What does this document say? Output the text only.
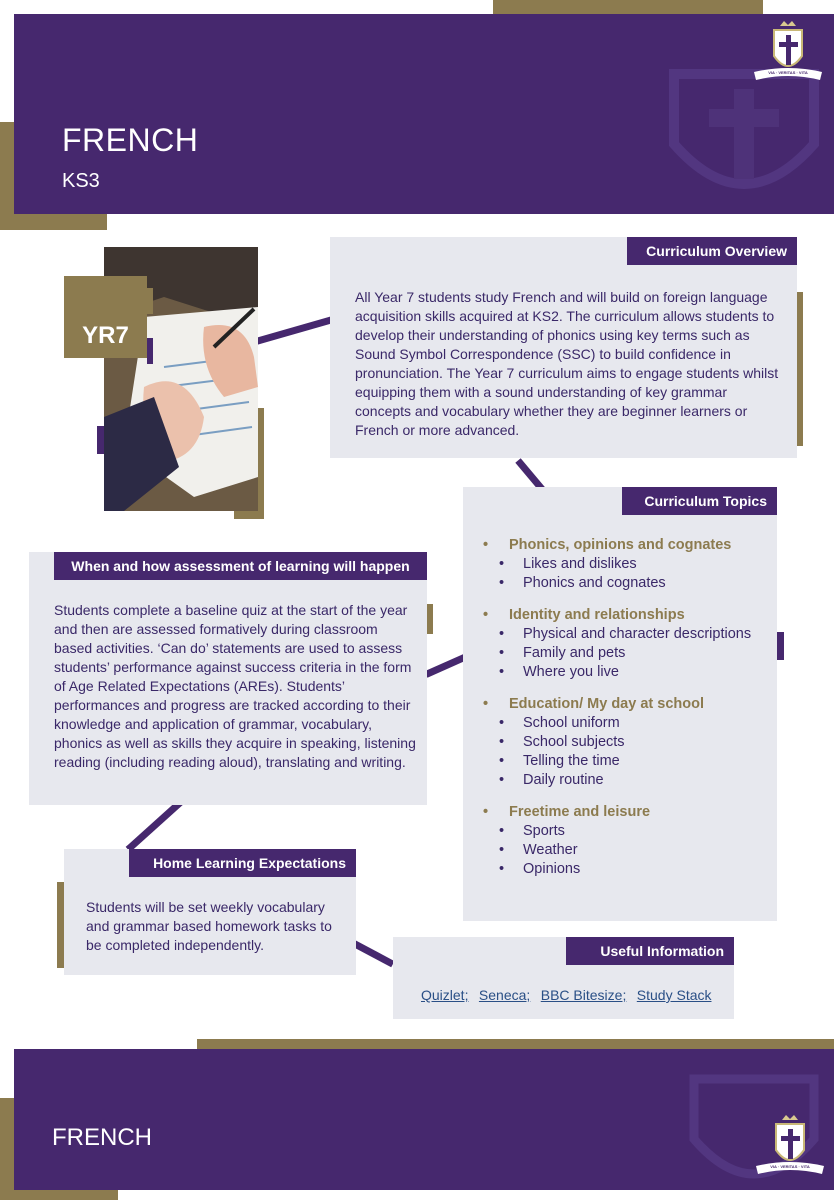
FRENCH
KS3
VIA · VERITAS · VITA
YR7
Curriculum Overview
All Year 7 students study French and will build on foreign language acquisition skills acquired at KS2. The curriculum allows students to develop their understanding of phonics using key terms such as Sound Symbol Correspondence (SSC) to build confidence in pronunciation. The Year 7 curriculum aims to engage students whilst equipping them with a sound understanding of key grammar concepts and vocabulary whether they are beginner learners or French or more advanced.
Curriculum Topics
• Phonics, opinions and cognates
• Likes and dislikes
• Phonics and cognates
• Identity and relationships
• Physical and character descriptions
• Family and pets
• Where you live
• Education/ My day at school
• School uniform
• School subjects
• Telling the time
• Daily routine
• Freetime and leisure
• Sports
• Weather
• Opinions
When and how assessment of learning will happen
Students complete a baseline quiz at the start of the year and then are assessed formatively during classroom based activities. ‘Can do’ statements are used to assess students’ performance against success criteria in the form of Age Related Expectations (AREs). Students’ performances and progress are tracked according to their knowledge and application of grammar, vocabulary, phonics as well as skills they acquire in speaking, listening reading (including reading aloud), translating and writing.
Home Learning Expectations
Students will be set weekly vocabulary and grammar based homework tasks to be completed independently.	Useful Information
Quizlet; Seneca; BBC Bitesize; Study Stack
FRENCH
VIA · VERITAS · VITA
